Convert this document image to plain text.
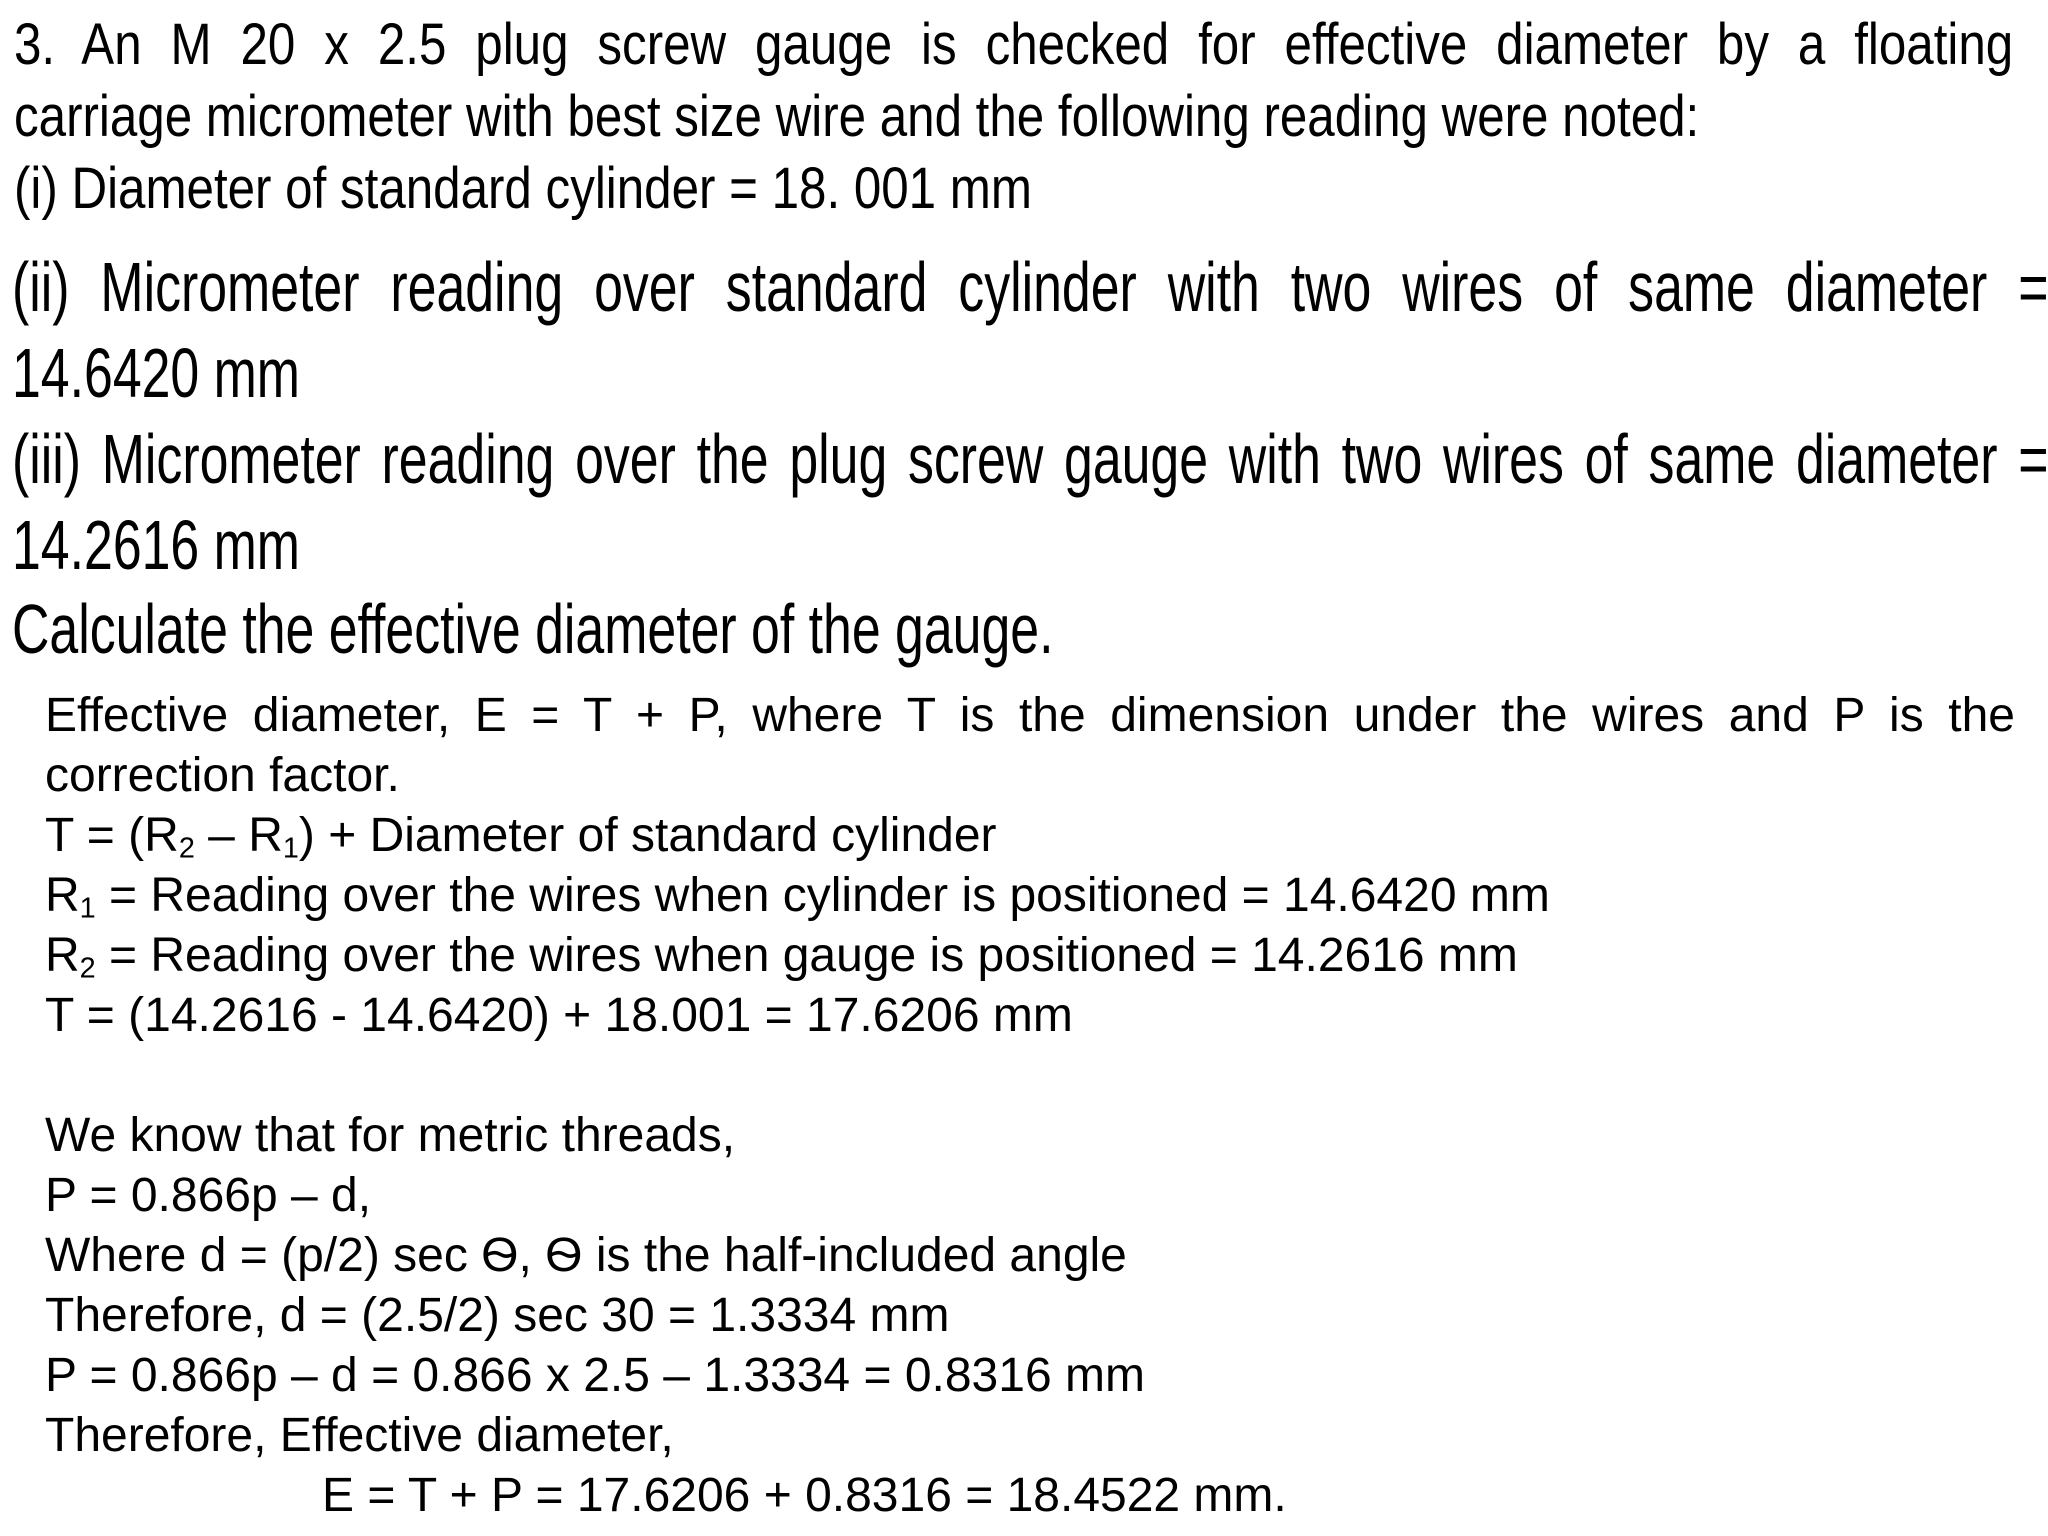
3. An M 20 x 2.5 plug screw gauge is checked for effective diameter by a floating
carriage micrometer with best size wire and the following reading were noted:
(i) Diameter of standard cylinder = 18. 001 mm
(ii) Micrometer reading over standard cylinder with two wires of same diameter =
14.6420 mm
(iii) Micrometer reading over the plug screw gauge with two wires of same diameter =
14.2616 mm
Calculate the effective diameter of the gauge.
Effective diameter, E = T + P, where T is the dimension under the wires and P is the
correction factor.
$T = (R_2 - R_1)$ + Diameter of standard cylinder
$R_1$ = Reading over the wires when cylinder is positioned = 14.6420 mm
$R_2$ = Reading over the wires when gauge is positioned = 14.2616 mm
T = (14.2616 - 14.6420) + 18.001 = 17.6206 mm
We know that for metric threads,
P = 0.866p – d,
Where d = (p/2) sec Ѳ, Ѳ is the half-included angle
Therefore, d = (2.5/2) sec 30 = 1.3334 mm
P = 0.866p – d = 0.866 x 2.5 – 1.3334 = 0.8316 mm
Therefore, Effective diameter,
E = T + P = 17.6206 + 0.8316 = 18.4522 mm.
